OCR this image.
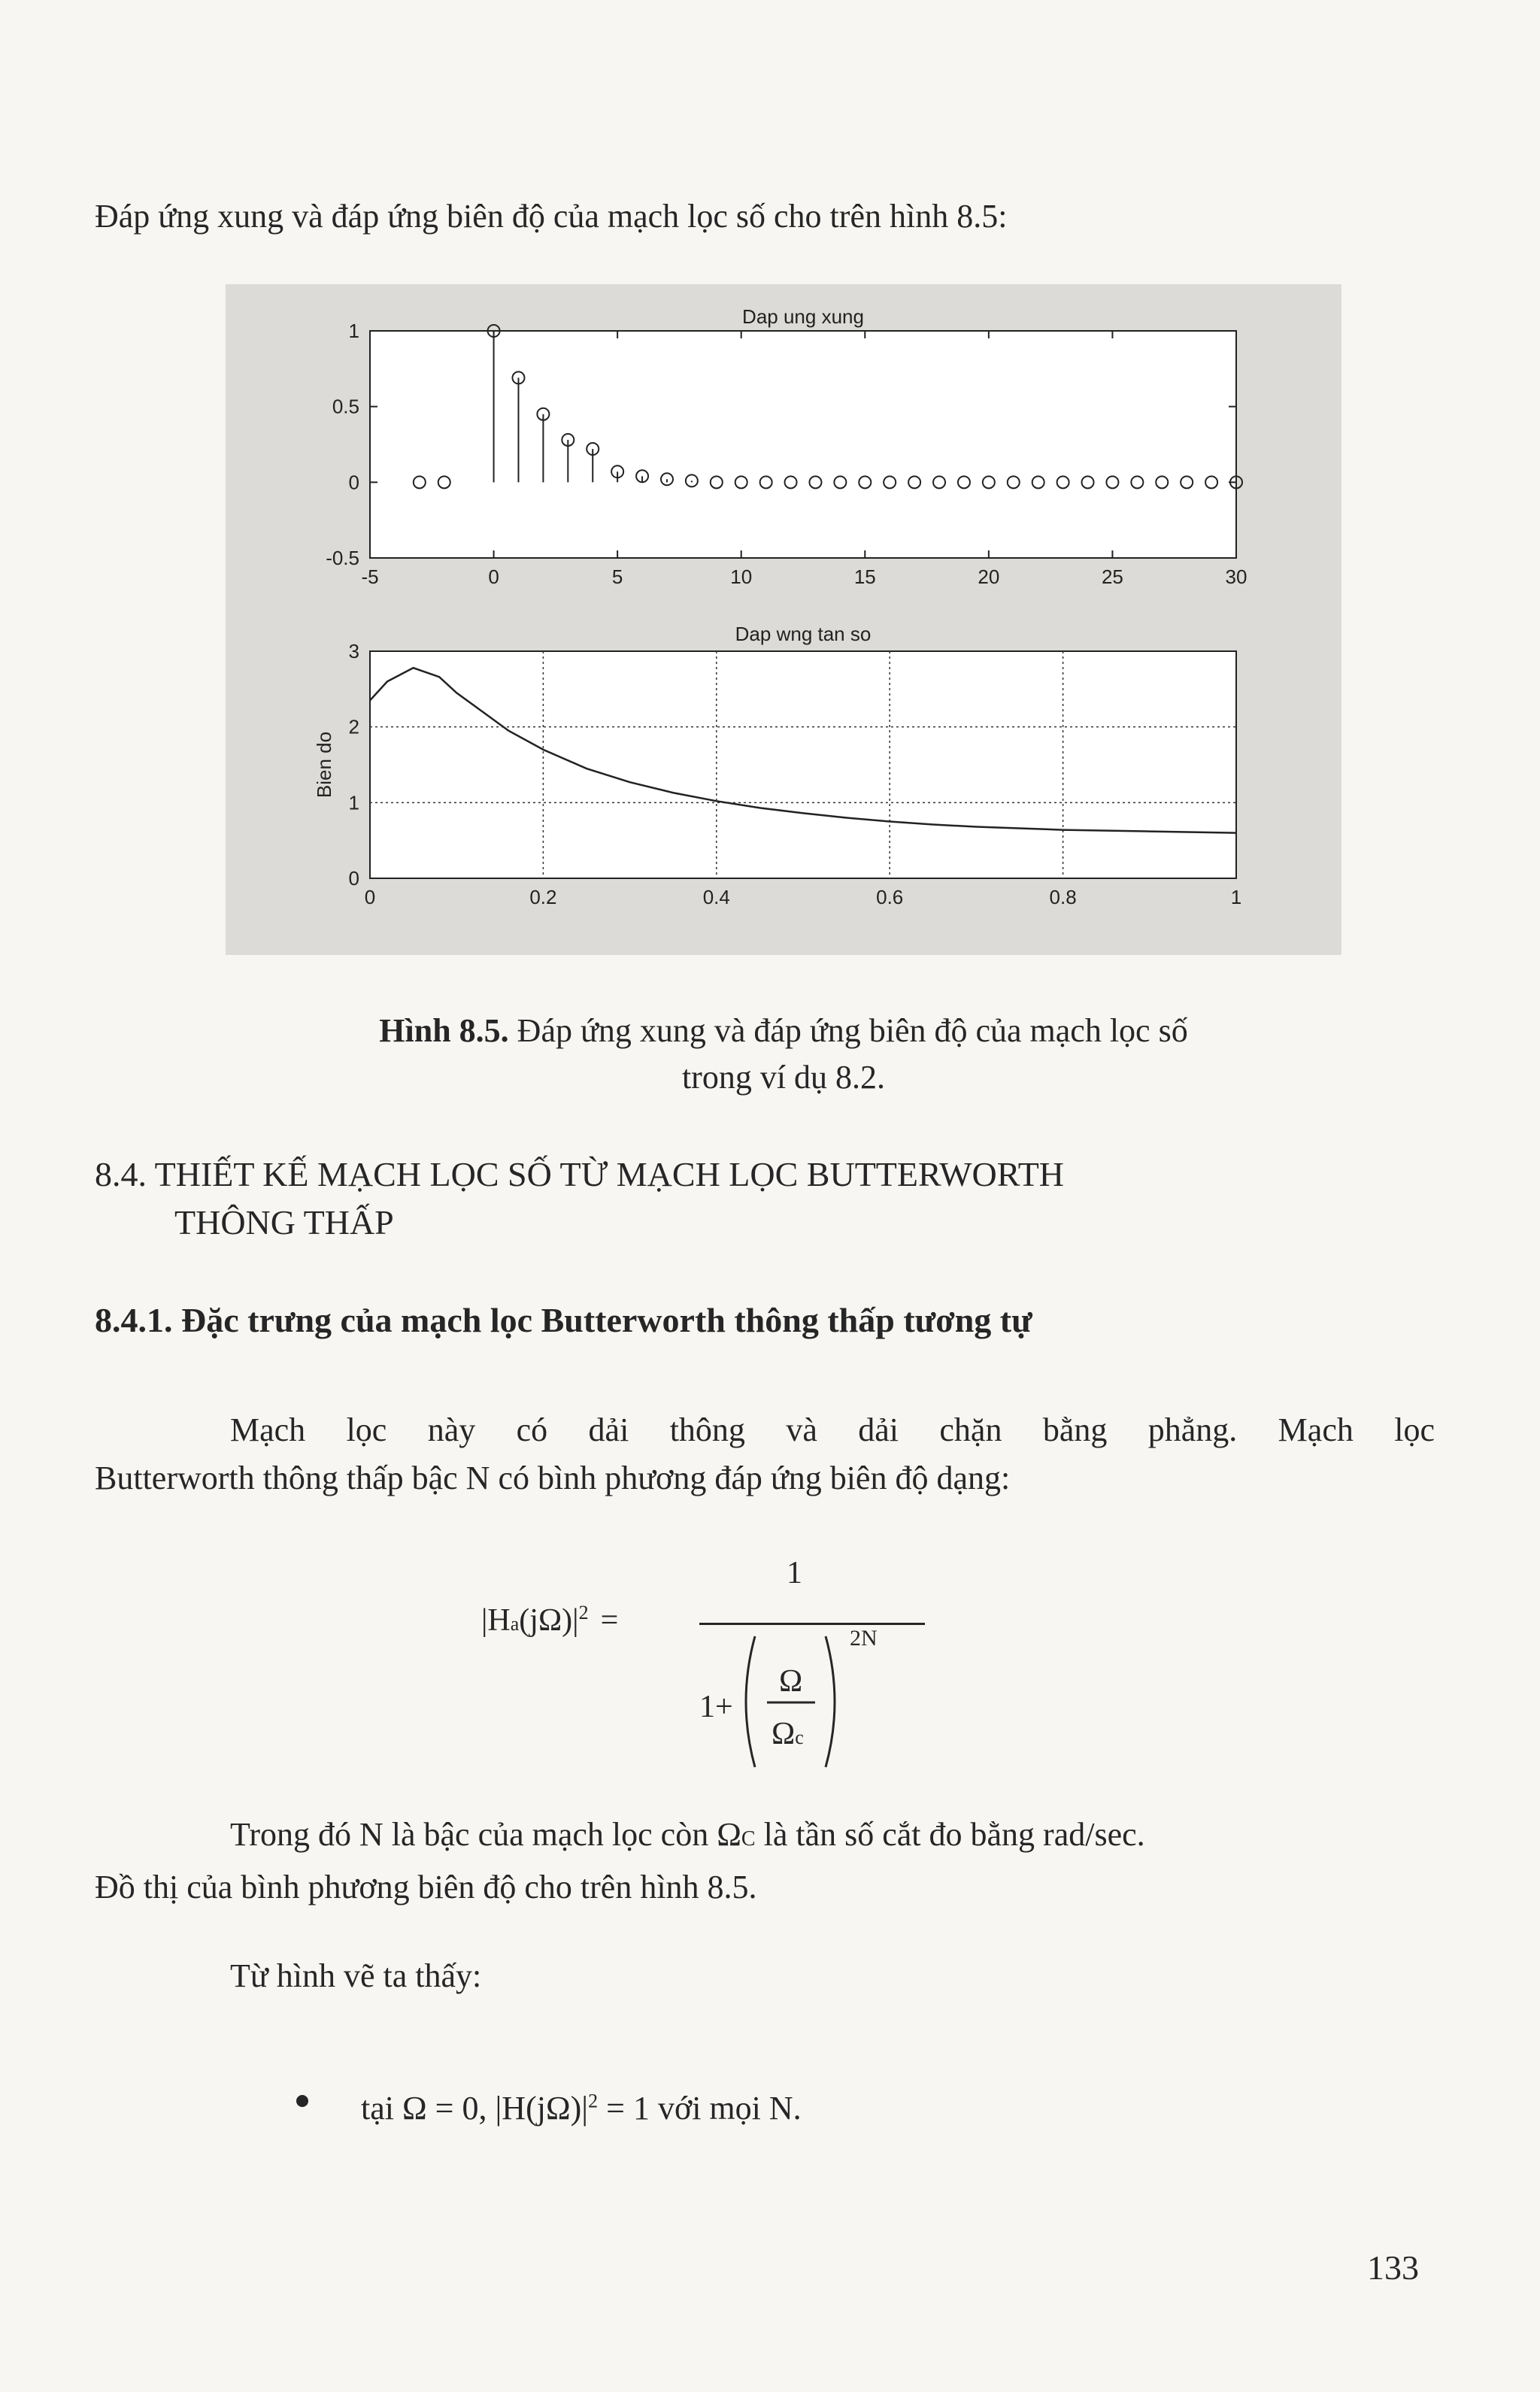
Đáp ứng xung và đáp ứng biên độ của mạch lọc số cho trên hình 8.5:
Dap ung xung
-5	0	5	10	15	20	25	30
-0.5
0
0.5
1
Dap wng tan so
0	0.2	0.4	0.6	0.8	1
0
1
2
3
Bien do
Hình 8.5. Đáp ứng xung và đáp ứng biên độ của mạch lọc số
trong ví dụ 8.2.
8.4. THIẾT KẾ MẠCH LỌC SỐ TỪ MẠCH LỌC BUTTERWORTH
THÔNG THẤP
8.4.1. Đặc trưng của mạch lọc Butterworth thông thấp tương tự
Mạch lọc này có dải thông và dải chặn bằng phẳng. Mạch lọc
Butterworth thông thấp bậc N có bình phương đáp ứng biên độ dạng:
$|Ha(j\Omega)|^2$ =
1
1+
Ω
Ωc
2N
Trong đó N là bậc của mạch lọc còn ΩC là tần số cắt đo bằng rad/sec.
Đồ thị của bình phương biên độ cho trên hình 8.5.
Từ hình vẽ ta thấy:
tại Ω = 0, $|H(j\Omega)|^2 = 1$ với mọi N.
133
